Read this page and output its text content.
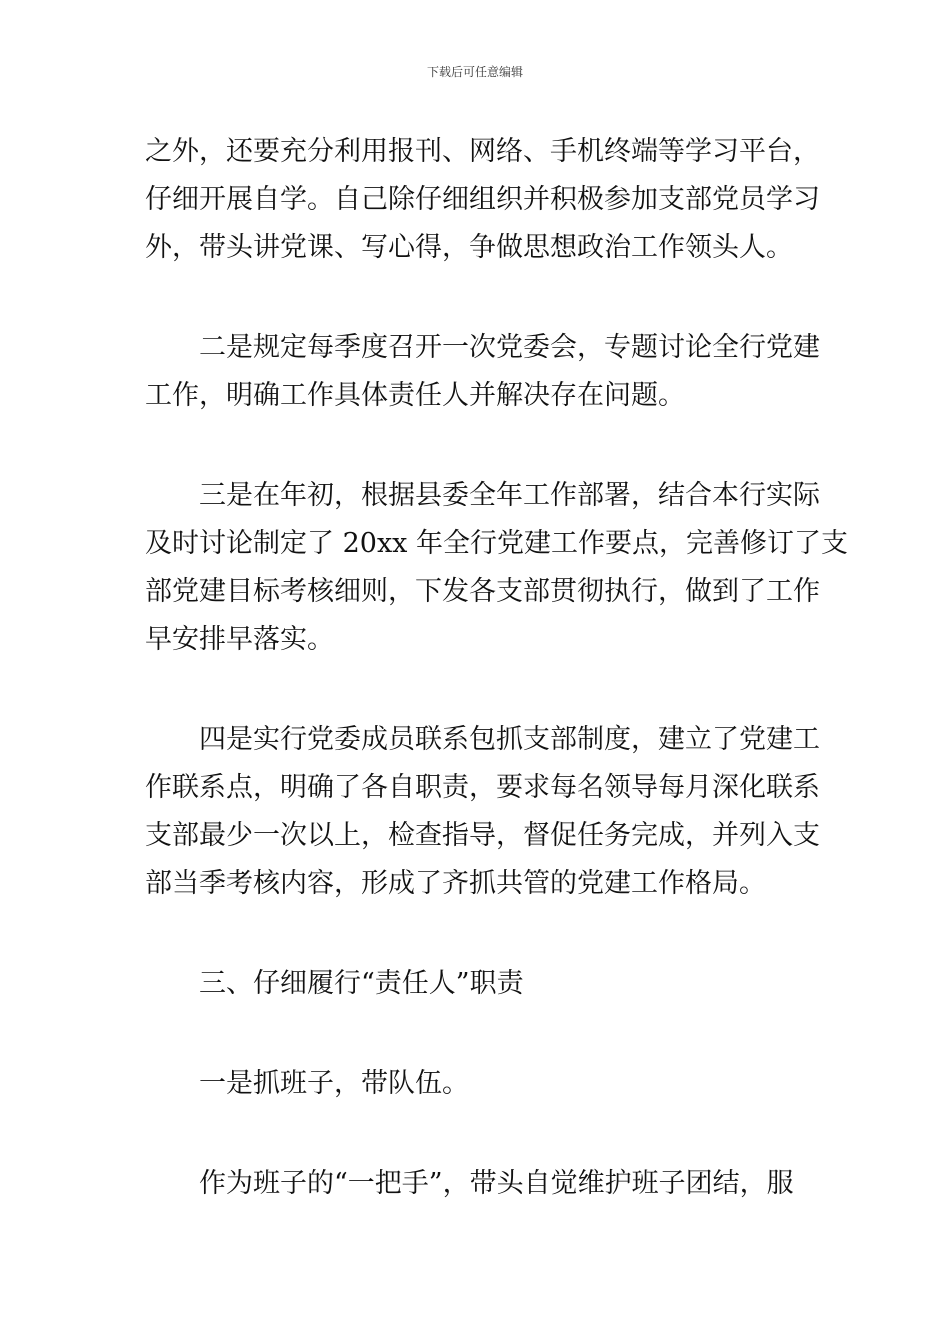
下载后可任意编辑

之外，还要充分利用报刊、网络、手机终端等学习平台，
仔细开展自学。自己除仔细组织并积极参加支部党员学习
外，带头讲党课、写心得，争做思想政治工作领头人。

二是规定每季度召开一次党委会，专题讨论全行党建
工作，明确工作具体责任人并解决存在问题。

三是在年初，根据县委全年工作部署，结合本行实际
及时讨论制定了 20xx 年全行党建工作要点，完善修订了支
部党建目标考核细则，下发各支部贯彻执行，做到了工作
早安排早落实。

四是实行党委成员联系包抓支部制度，建立了党建工
作联系点，明确了各自职责，要求每名领导每月深化联系
支部最少一次以上，检查指导，督促任务完成，并列入支
部当季考核内容，形成了齐抓共管的党建工作格局。

三、仔细履行“责任人”职责

一是抓班子，带队伍。

作为班子的“一把手”，带头自觉维护班子团结，服
